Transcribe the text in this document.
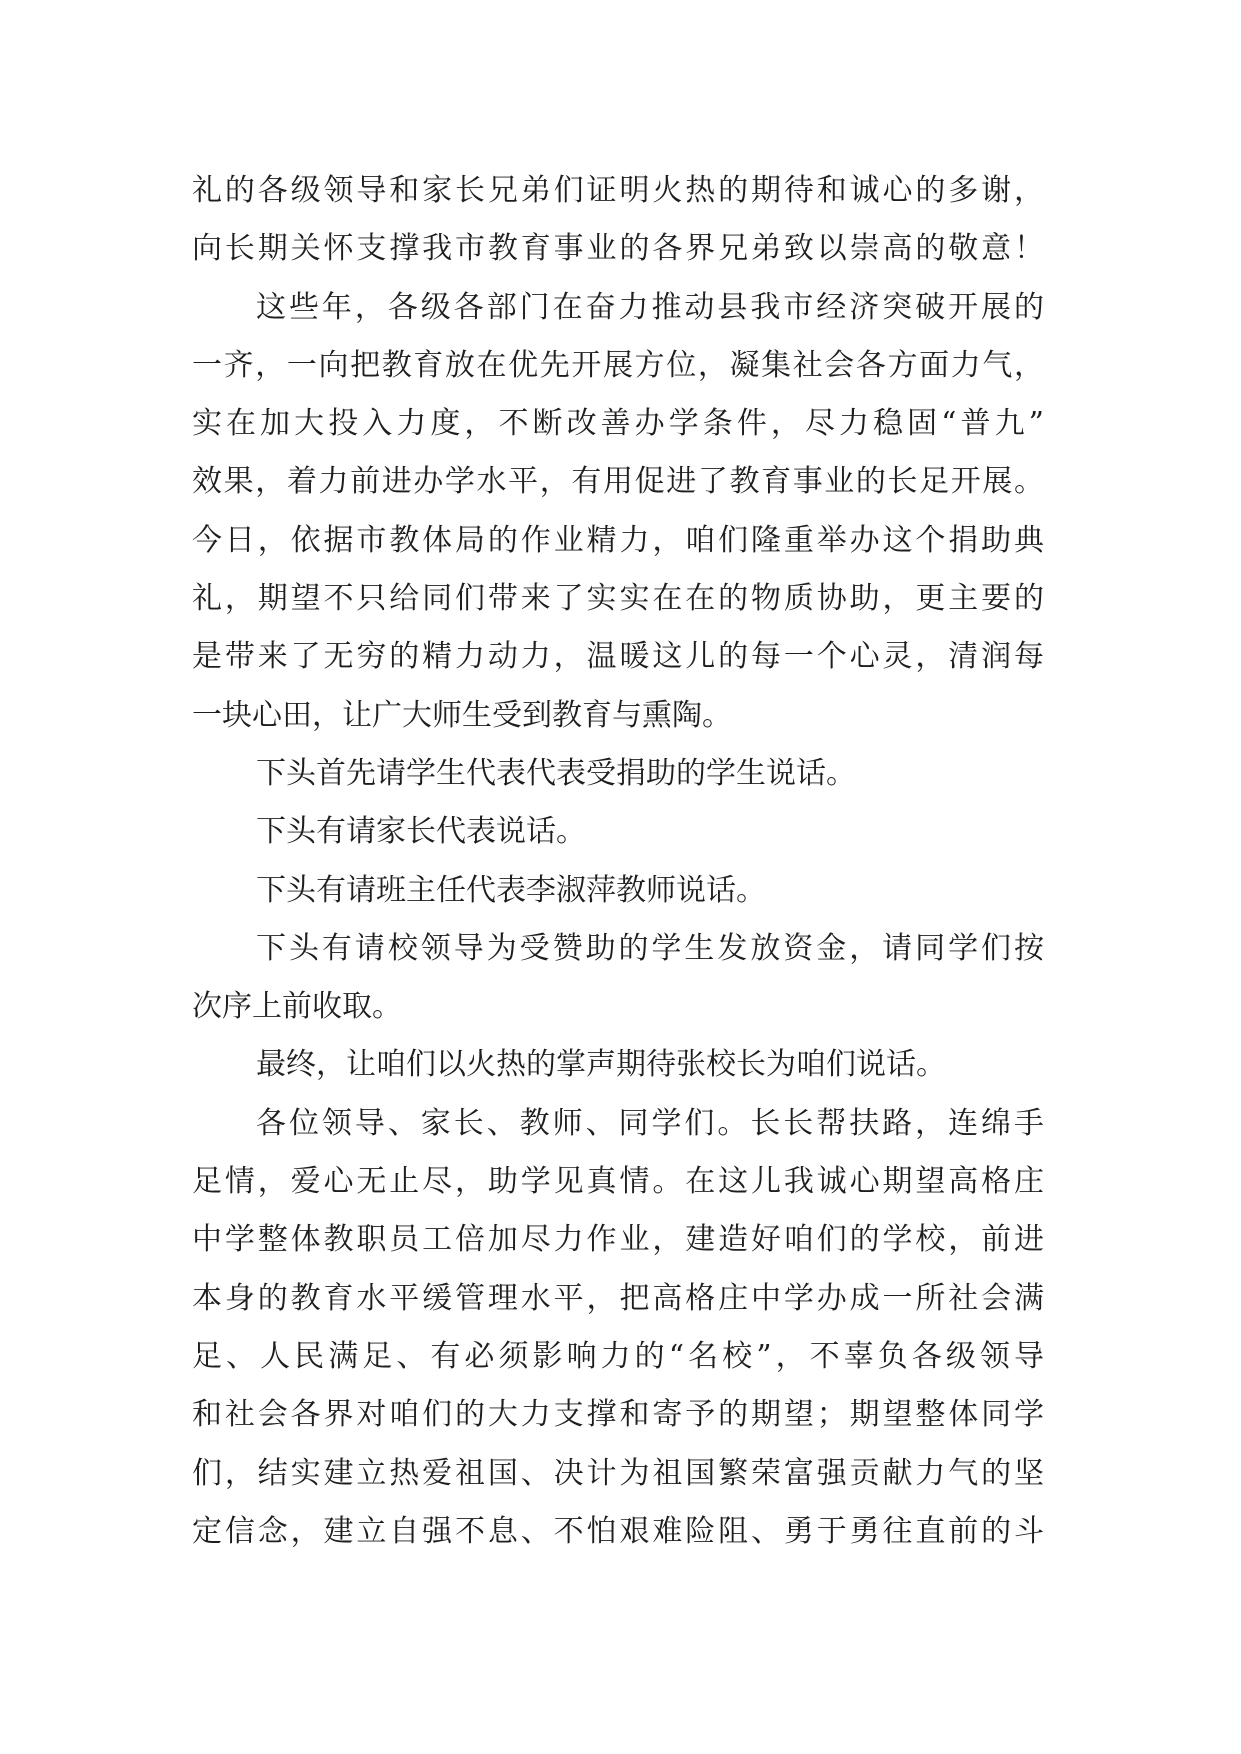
礼的各级领导和家长兄弟们证明火热的期待和诚心的多谢，
向长期关怀支撑我市教育事业的各界兄弟致以崇高的敬意！
这些年，各级各部门在奋力推动县我市经济突破开展的
一齐，一向把教育放在优先开展方位，凝集社会各方面力气，
实在加大投入力度，不断改善办学条件，尽力稳固“普九”
效果，着力前进办学水平，有用促进了教育事业的长足开展。
今日，依据市教体局的作业精力，咱们隆重举办这个捐助典
礼，期望不只给同们带来了实实在在的物质协助，更主要的
是带来了无穷的精力动力，温暖这儿的每一个心灵，清润每
一块心田，让广大师生受到教育与熏陶。
下头首先请学生代表代表受捐助的学生说话。
下头有请家长代表说话。
下头有请班主任代表李淑萍教师说话。
下头有请校领导为受赞助的学生发放资金，请同学们按
次序上前收取。
最终，让咱们以火热的掌声期待张校长为咱们说话。
各位领导、家长、教师、同学们。长长帮扶路，连绵手
足情，爱心无止尽，助学见真情。在这儿我诚心期望高格庄
中学整体教职员工倍加尽力作业，建造好咱们的学校，前进
本身的教育水平缓管理水平，把高格庄中学办成一所社会满
足、人民满足、有必须影响力的“名校”，不辜负各级领导
和社会各界对咱们的大力支撑和寄予的期望；期望整体同学
们，结实建立热爱祖国、决计为祖国繁荣富强贡献力气的坚
定信念，建立自强不息、不怕艰难险阻、勇于勇往直前的斗
